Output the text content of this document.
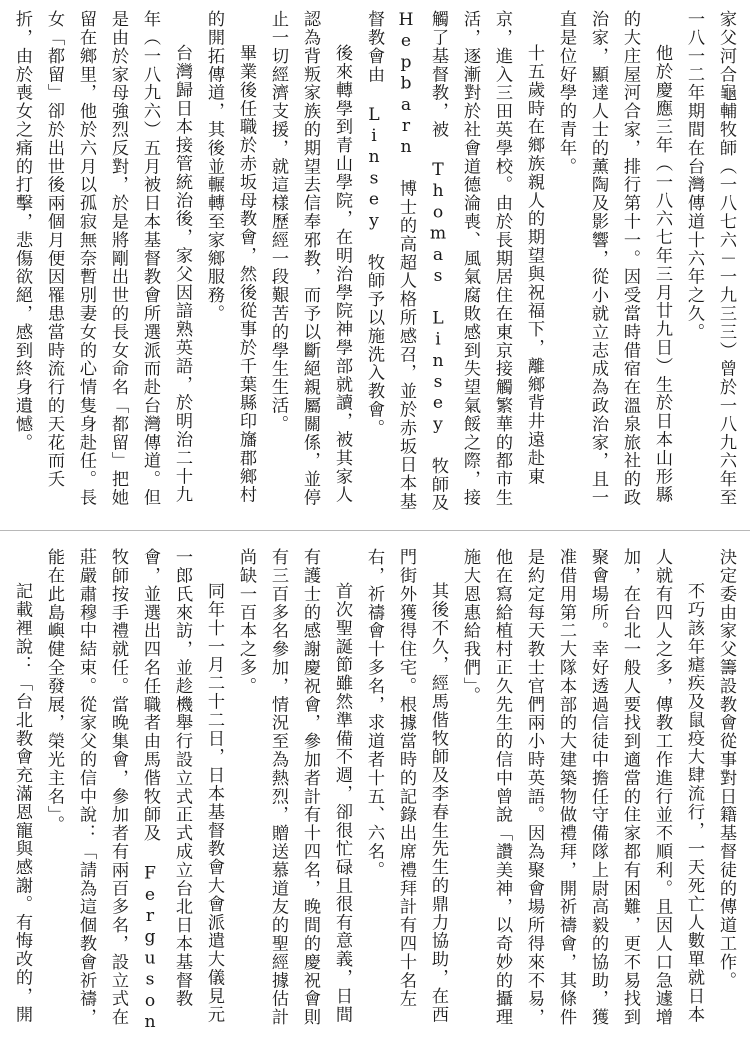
家父河合龜輔牧師（一八七六－一九三三）曾於一八九六年至一八一二年期間在台灣傳道十六年之久。

他於慶應三年（一八六七年三月廿九日）生於日本山形縣的大庄屋河合家，排行第十一。因受當時借宿在溫泉旅社的政治家，顯達人士的薰陶及影響，從小就立志成為政治家，且一直是位好學的青年。

十五歲時在鄉族親人的期望與祝福下，離鄉背井遠赴東京，進入三田英學校。由於長期居住在東京接觸繁華的都市生活，逐漸對於社會道德淪喪、風氣腐敗感到失望氣餒之際，接觸了基督教，被 Thomas Linsey 牧師及 Hepbarn 博士的高超人格所感召，並於赤坂日本基督教會由 Linsey 牧師予以施洗入教會。

後來轉學到青山學院，在明治學院神學部就讀，被其家人認為背叛家族的期望去信奉邪教，而予以斷絕親屬關係，並停止一切經濟支援，就這樣歷經一段艱苦的學生生活。

畢業後任職於赤坂母教會，然後從事於千葉縣印旛郡鄉村的開拓傳道，其後並輾轉至家鄉服務。

台灣歸日本接管統治後，家父因諳熟英語，於明治二十九年（一八九六）五月被日本基督教會所選派而赴台灣傳道。但是由於家母強烈反對，於是將剛出世的長女命名「都留」把她留在鄉里，他於六月以孤寂無奈暫別妻女的心情隻身赴任。長女「都留」卻於出世後兩個月便因罹患當時流行的天花而夭折，由於喪女之痛的打擊，悲傷欲絕，感到終身遺憾。

決定委由家父籌設教會從事對日籍基督徒的傳道工作。

不巧該年瘧疾及鼠疫大肆流行，一天死亡人數單就日本人就有四人之多，傳教工作進行並不順利。且因人口急遽增加，在台北一般人要找到適當的住家都有困難，更不易找到聚會場所。幸好透過信徒中擔任守備隊上尉高毅的協助，獲准借用第二大隊本部的大建築物做禮拜，開祈禱會，其條件是約定每天教士官們兩小時英語。因為聚會場所得來不易，他在寫給植村正久先生的信中曾說「讚美神，以奇妙的攝理施大恩惠給我們」。

其後不久，經馬偕牧師及李春生先生的鼎力協助，在西門街外獲得住宅。根據當時的記錄出席禮拜計有四十名左右，祈禱會十多名，求道者十五、六名。

首次聖誕節雖然準備不週，卻很忙碌且很有意義，日間有護士的感謝慶祝會，參加者計有十四名，晚間的慶祝會則有三百多名參加，情況至為熱烈，贈送慕道友的聖經據估計尚缺一百本之多。

同年十一月二十二日，日本基督教會大會派遣大儀見元一郎氏來訪，並趁機舉行設立式正式成立台北日本基督教會，並選出四名任職者由馬偕牧師及 Ferguson 牧師按手禮就任。當晚集會，參加者有兩百多名，設立式在莊嚴肅穆中結束。從家父的信中說：「請為這個教會祈禱，能在此島嶼健全發展，榮光主名」。

記載裡說：「台北教會充滿恩寵與感謝。有悔改的，開
